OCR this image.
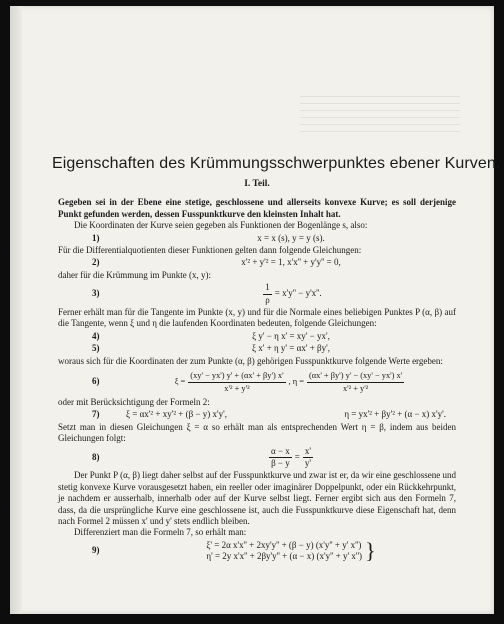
Eigenschaften des Krümmungsschwerpunktes ebener Kurven.
I. Teil.

Gegeben sei in der Ebene eine stetige, geschlossene und allerseits konvexe Kurve; es soll derjenige Punkt gefunden werden, dessen Fusspunktkurve den kleinsten Inhalt hat.

Die Koordinaten der Kurve seien gegeben als Funktionen der Bogenlänge s, also:

1)	x = x (s), y = y (s).

Für die Differentialquotienten dieser Funktionen gelten dann folgende Gleichungen:

2)	x'² + y'² = 1, x'x'' + y'y'' = 0,

daher für die Krümmung im Punkte (x, y):

3)	$\frac{1}{\rho} = x'y'' - y'x''$.

Ferner erhält man für die Tangente im Punkte (x, y) und für die Normale eines beliebigen Punktes P (α, β) auf die Tangente, wenn ξ und η die laufenden Koordinaten bedeuten, folgende Gleichungen:

4)	ξ y' − η x' = xy' − yx',
5)	ξ x' + η y' = αx' + βy',

woraus sich für die Koordinaten der zum Punkte (α, β) gehörigen Fusspunktkurve folgende Werte ergeben:

6)	$\xi = \frac{(xy' - yx') y' + (\alpha x' + \beta y') x'}{\text{x'² + y'²}}$ , $\eta = \frac{(\alpha x' + \beta y') y' - (xy' - yx') x'}{\text{x'² + y'²}}$

oder mit Berücksichtigung der Formeln 2:

7)	ξ = αx'² + xy'² + (β − y) x'y',	η = yx'² + βy'² + (α − x) x'y'.

Setzt man in diesen Gleichungen ξ = α so erhält man als entsprechenden Wert η = β, indem aus beiden Gleichungen folgt:

8)	$\frac{\alpha - x}{\beta - y} = \frac{x'}{y'}$

Der Punkt P (α, β) liegt daher selbst auf der Fusspunktkurve und zwar ist er, da wir eine geschlossene und stetig konvexe Kurve vorausgesetzt haben, ein reeller oder imaginärer Doppelpunkt, oder ein Rückkehrpunkt, je nachdem er ausserhalb, innerhalb oder auf der Kurve selbst liegt. Ferner ergibt sich aus den Formeln 7, dass, da die ursprüngliche Kurve eine geschlossene ist, auch die Fusspunktkurve diese Eigenschaft hat, denn nach Formel 2 müssen x' und y' stets endlich bleiben.

Differenziert man die Formeln 7, so erhält man:

9)
ξ' = 2α x'x'' + 2xy'y'' + (β − y) (x'y'' + y' x'')
η' = 2y x'x'' + 2βy'y'' + (α − x) (x'y'' + y' x'') }
